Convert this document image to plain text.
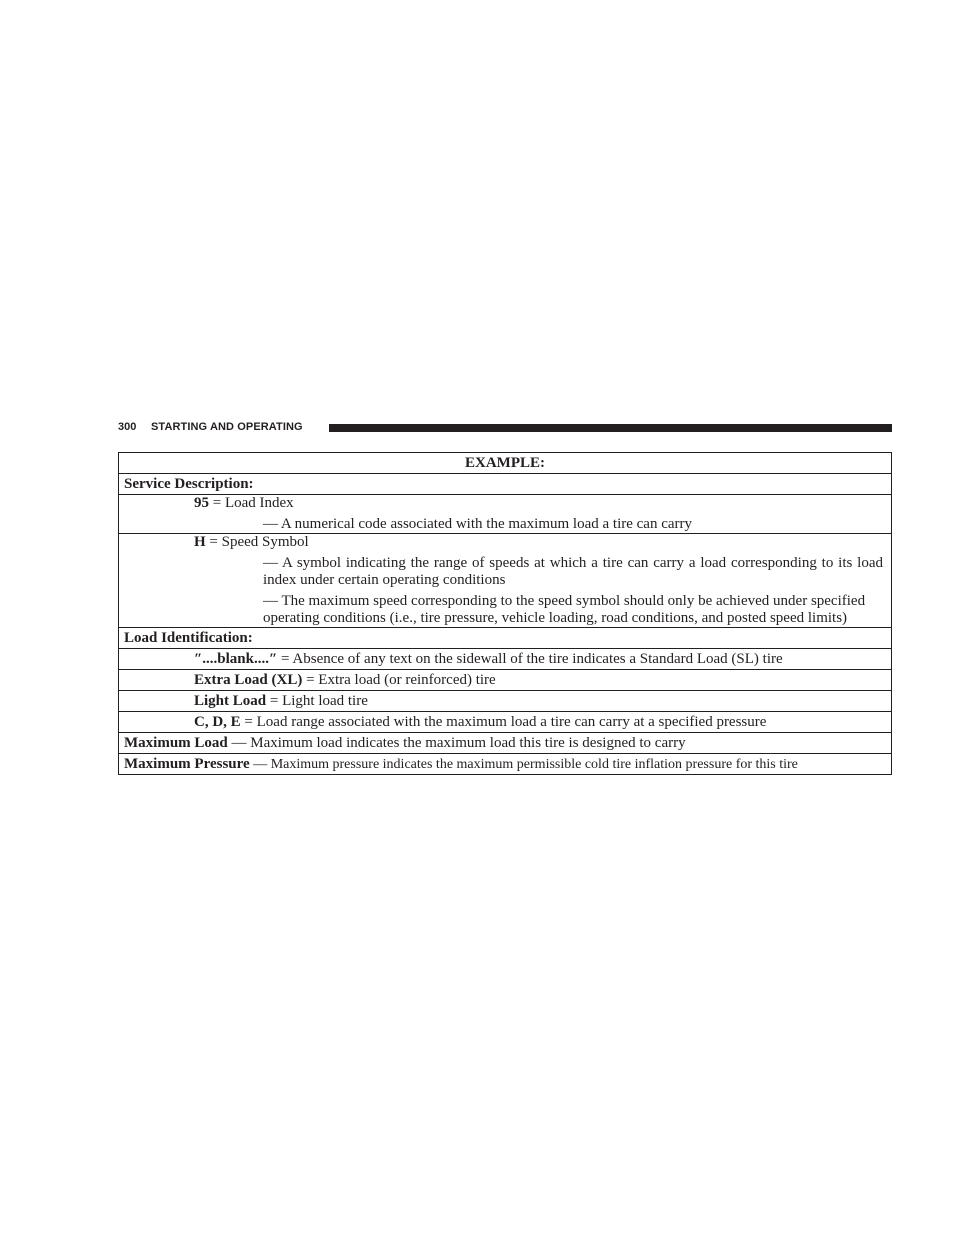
300 STARTING AND OPERATING
EXAMPLE:
Service Description:

95 = Load Index
— A numerical code associated with the maximum load a tire can carry

H = Speed Symbol
— A symbol indicating the range of speeds at which a tire can carry a load corresponding to its load index under certain operating conditions
— The maximum speed corresponding to the speed symbol should only be achieved under specified operating conditions (i.e., tire pressure, vehicle loading, road conditions, and posted speed limits)

Load Identification:
″....blank....″ = Absence of any text on the sidewall of the tire indicates a Standard Load (SL) tire
Extra Load (XL) = Extra load (or reinforced) tire
Light Load = Light load tire
C, D, E = Load range associated with the maximum load a tire can carry at a specified pressure
Maximum Load — Maximum load indicates the maximum load this tire is designed to carry
Maximum Pressure — Maximum pressure indicates the maximum permissible cold tire inflation pressure for this tire
